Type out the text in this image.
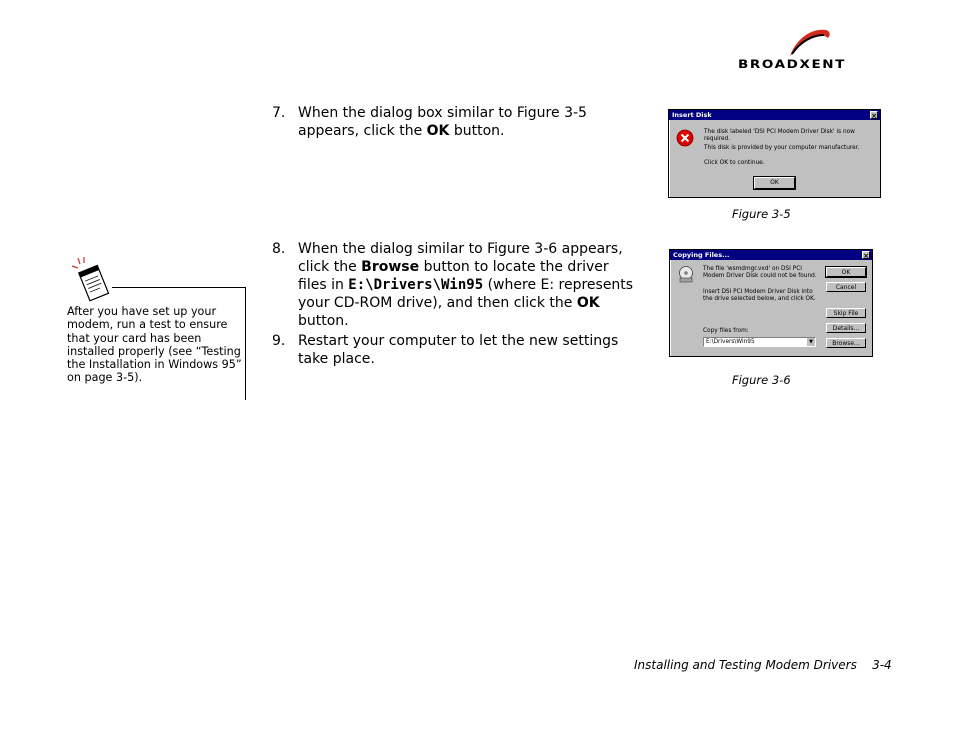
BROADXENT
7. When the dialog box similar to Figure 3-5 appears, click the OK button.
8. When the dialog similar to Figure 3-6 appears, click the Browse button to locate the driver files in E:\Drivers\Win95 (where E: represents your CD-ROM drive), and then click the OK button.
9. Restart your computer to let the new settings take place.
After you have set up your modem, run a test to ensure that your card has been installed properly (see “Testing the Installation in Windows 95” on page 3-5).
Insert Disk	×
The disk labeled 'DSI PCI Modem Driver Disk' is now required.
This disk is provided by your computer manufacturer.
Click OK to continue.
OK
Figure 3-5
Copying Files...	×
The file 'wsmdmgr.vxd' on DSI PCI Modem Driver Disk could not be found.
Insert DSI PCI Modem Driver Disk into the drive selected below, and click OK.
Copy files from:
E:\Drivers\Win95	▼
OK
Cancel
Skip File
Details...
Browse...
Figure 3-6
Installing and Testing Modem Drivers    3-4
